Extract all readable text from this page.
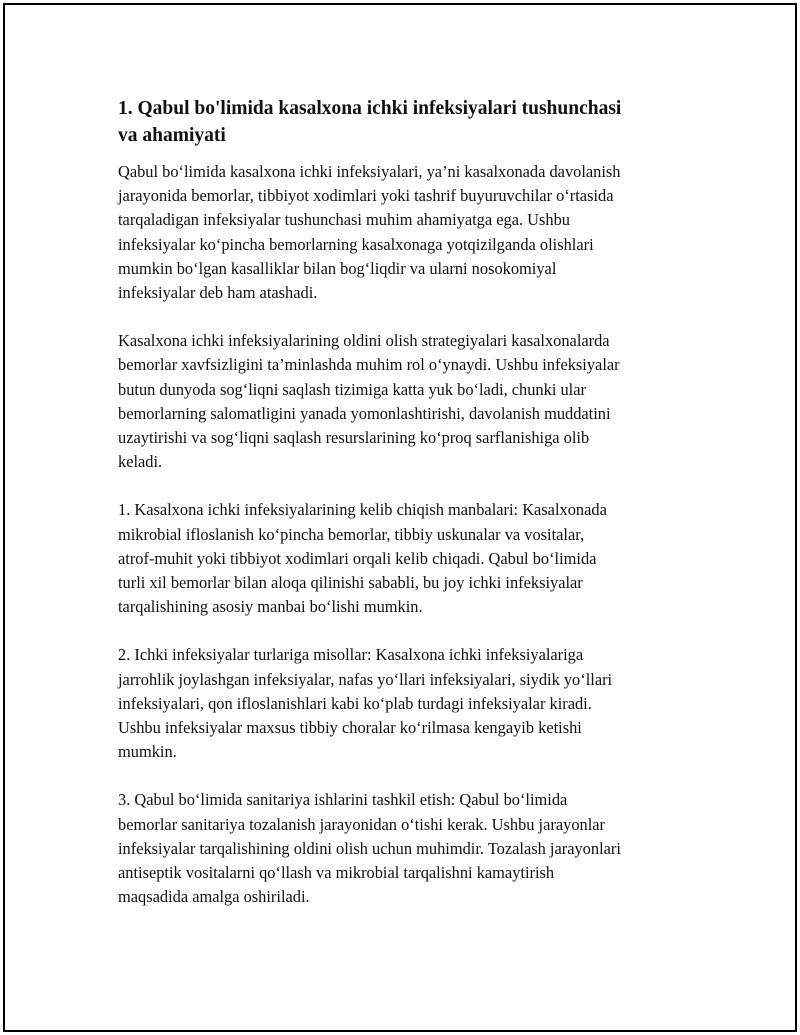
1. Qabul bo'limida kasalxona ichki infeksiyalari tushunchasi
va ahamiyati

Qabul bo‘limida kasalxona ichki infeksiyalari, ya’ni kasalxonada davolanish
jarayonida bemorlar, tibbiyot xodimlari yoki tashrif buyuruvchilar o‘rtasida
tarqaladigan infeksiyalar tushunchasi muhim ahamiyatga ega. Ushbu
infeksiyalar ko‘pincha bemorlarning kasalxonaga yotqizilganda olishlari
mumkin bo‘lgan kasalliklar bilan bog‘liqdir va ularni nosokomiyal
infeksiyalar deb ham atashadi.

Kasalxona ichki infeksiyalarining oldini olish strategiyalari kasalxonalarda
bemorlar xavfsizligini ta’minlashda muhim rol o‘ynaydi. Ushbu infeksiyalar
butun dunyoda sog‘liqni saqlash tizimiga katta yuk bo‘ladi, chunki ular
bemorlarning salomatligini yanada yomonlashtirishi, davolanish muddatini
uzaytirishi va sog‘liqni saqlash resurslarining ko‘proq sarflanishiga olib
keladi.

1. Kasalxona ichki infeksiyalarining kelib chiqish manbalari: Kasalxonada
mikrobial ifloslanish ko‘pincha bemorlar, tibbiy uskunalar va vositalar,
atrof-muhit yoki tibbiyot xodimlari orqali kelib chiqadi. Qabul bo‘limida
turli xil bemorlar bilan aloqa qilinishi sababli, bu joy ichki infeksiyalar
tarqalishining asosiy manbai bo‘lishi mumkin.

2. Ichki infeksiyalar turlariga misollar: Kasalxona ichki infeksiyalariga
jarrohlik joylashgan infeksiyalar, nafas yo‘llari infeksiyalari, siydik yo‘llari
infeksiyalari, qon ifloslanishlari kabi ko‘plab turdagi infeksiyalar kiradi.
Ushbu infeksiyalar maxsus tibbiy choralar ko‘rilmasa kengayib ketishi
mumkin.

3. Qabul bo‘limida sanitariya ishlarini tashkil etish: Qabul bo‘limida
bemorlar sanitariya tozalanish jarayonidan o‘tishi kerak. Ushbu jarayonlar
infeksiyalar tarqalishining oldini olish uchun muhimdir. Tozalash jarayonlari
antiseptik vositalarni qo‘llash va mikrobial tarqalishni kamaytirish
maqsadida amalga oshiriladi.
